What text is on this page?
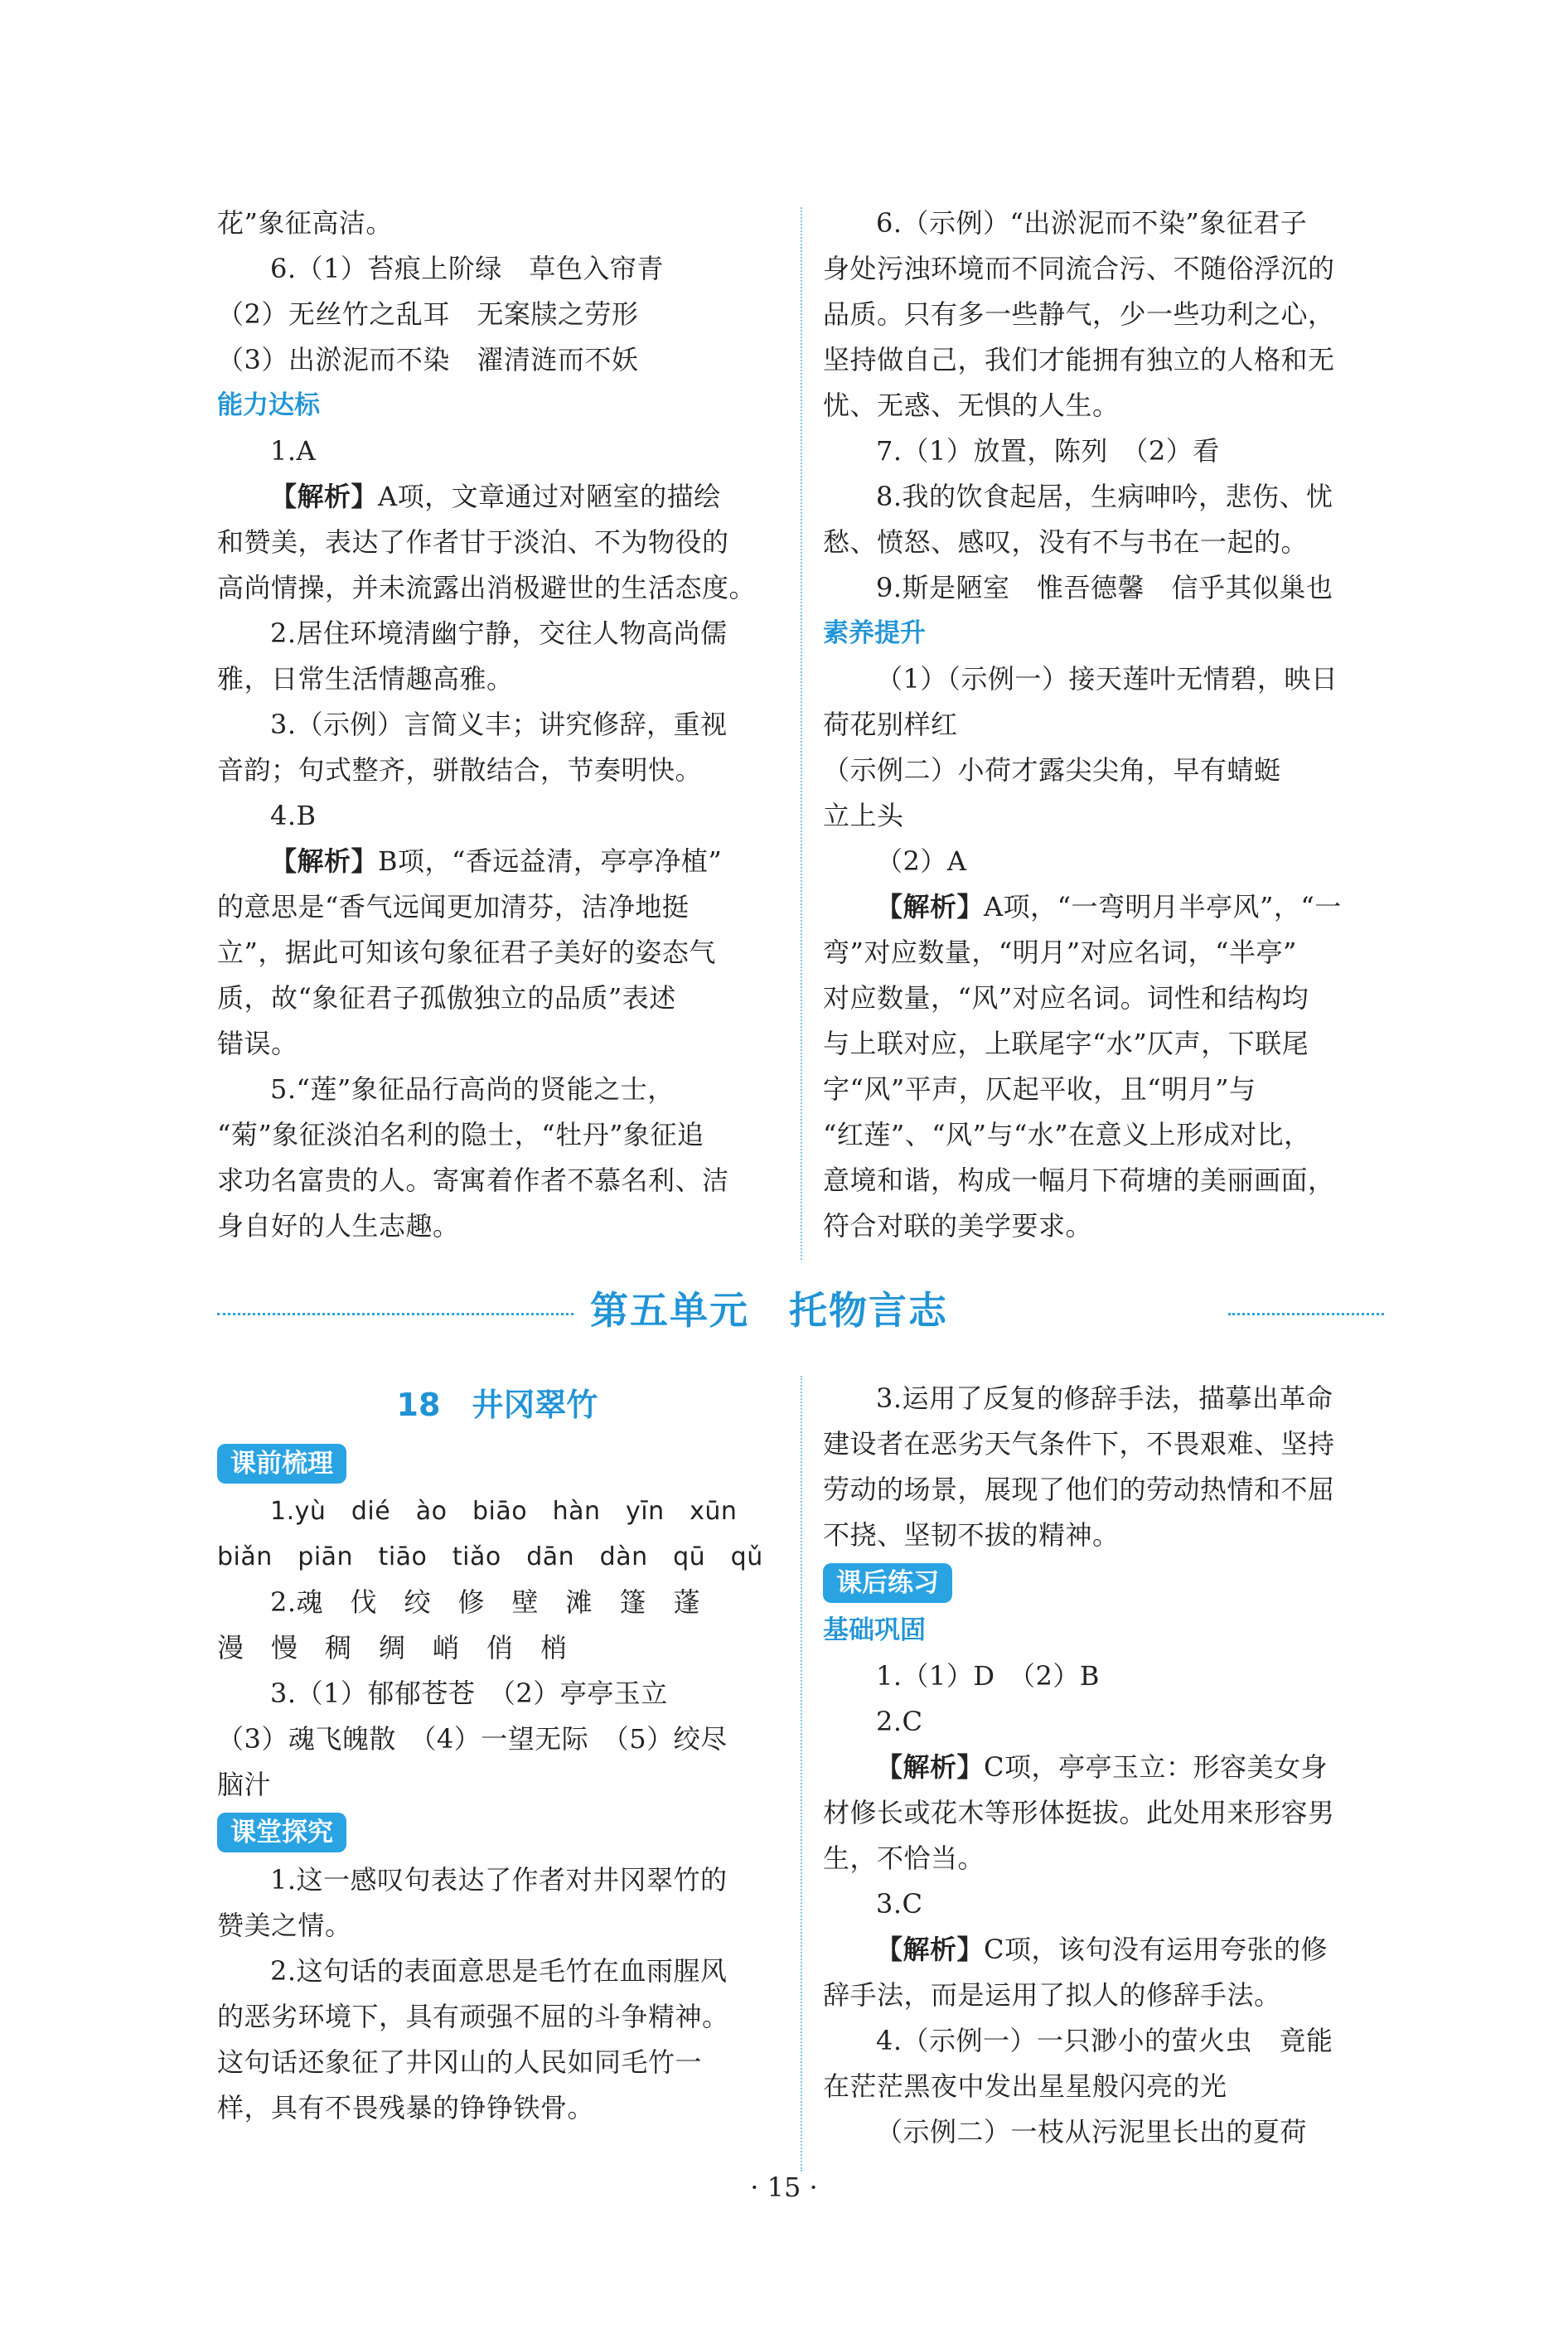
花”象征高洁。
6.（1）苔痕上阶绿　草色入帘青
（2）无丝竹之乱耳　无案牍之劳形
（3）出淤泥而不染　濯清涟而不妖
能力达标
1.A
【解析】A项，文章通过对陋室的描绘
和赞美，表达了作者甘于淡泊、不为物役的
高尚情操，并未流露出消极避世的生活态度。
2.居住环境清幽宁静，交往人物高尚儒
雅，日常生活情趣高雅。
3.（示例）言简义丰；讲究修辞，重视
音韵；句式整齐，骈散结合，节奏明快。
4.B
【解析】B项，“香远益清，亭亭净植”
的意思是“香气远闻更加清芬，洁净地挺
立”，据此可知该句象征君子美好的姿态气
质，故“象征君子孤傲独立的品质”表述
错误。
5.“莲”象征品行高尚的贤能之士，
“菊”象征淡泊名利的隐士，“牡丹”象征追
求功名富贵的人。寄寓着作者不慕名利、洁
身自好的人生志趣。
6.（示例）“出淤泥而不染”象征君子
身处污浊环境而不同流合污、不随俗浮沉的
品质。只有多一些静气，少一些功利之心，
坚持做自己，我们才能拥有独立的人格和无
忧、无惑、无惧的人生。
7.（1）放置，陈列　（2）看
8.我的饮食起居，生病呻吟，悲伤、忧
愁、愤怒、感叹，没有不与书在一起的。
9.斯是陋室　惟吾德馨　信乎其似巢也
素养提升
（1）（示例一）接天莲叶无情碧，映日
荷花别样红
（示例二）小荷才露尖尖角，早有蜻蜓
立上头
（2）A
【解析】A项，“一弯明月半亭风”，“一
弯”对应数量，“明月”对应名词，“半亭”
对应数量，“风”对应名词。词性和结构均
与上联对应，上联尾字“水”仄声，下联尾
字“风”平声，仄起平收，且“明月”与
“红莲”、“风”与“水”在意义上形成对比，
意境和谐，构成一幅月下荷塘的美丽画面，
符合对联的美学要求。
第五单元　托物言志
18　井冈翠竹
课前梳理
1.yù　dié　ào　biāo　hàn　yīn　xūn
biǎn　piān　tiāo　tiǎo　dān　dàn　qū　qǔ
2.魂　伐　绞　修　壁　滩　篷　蓬
漫　慢　稠　绸　峭　俏　梢
3.（1）郁郁苍苍　（2）亭亭玉立
（3）魂飞魄散　（4）一望无际　（5）绞尽
脑汁
课堂探究
1.这一感叹句表达了作者对井冈翠竹的
赞美之情。
2.这句话的表面意思是毛竹在血雨腥风
的恶劣环境下，具有顽强不屈的斗争精神。
这句话还象征了井冈山的人民如同毛竹一
样，具有不畏残暴的铮铮铁骨。
3.运用了反复的修辞手法，描摹出革命
建设者在恶劣天气条件下，不畏艰难、坚持
劳动的场景，展现了他们的劳动热情和不屈
不挠、坚韧不拔的精神。
课后练习
基础巩固
1.（1）D　（2）B
2.C
【解析】C项，亭亭玉立：形容美女身
材修长或花木等形体挺拔。此处用来形容男
生，不恰当。
3.C
【解析】C项，该句没有运用夸张的修
辞手法，而是运用了拟人的修辞手法。
4.（示例一）一只渺小的萤火虫　竟能
在茫茫黑夜中发出星星般闪亮的光
（示例二）一枝从污泥里长出的夏荷
· 15 ·
